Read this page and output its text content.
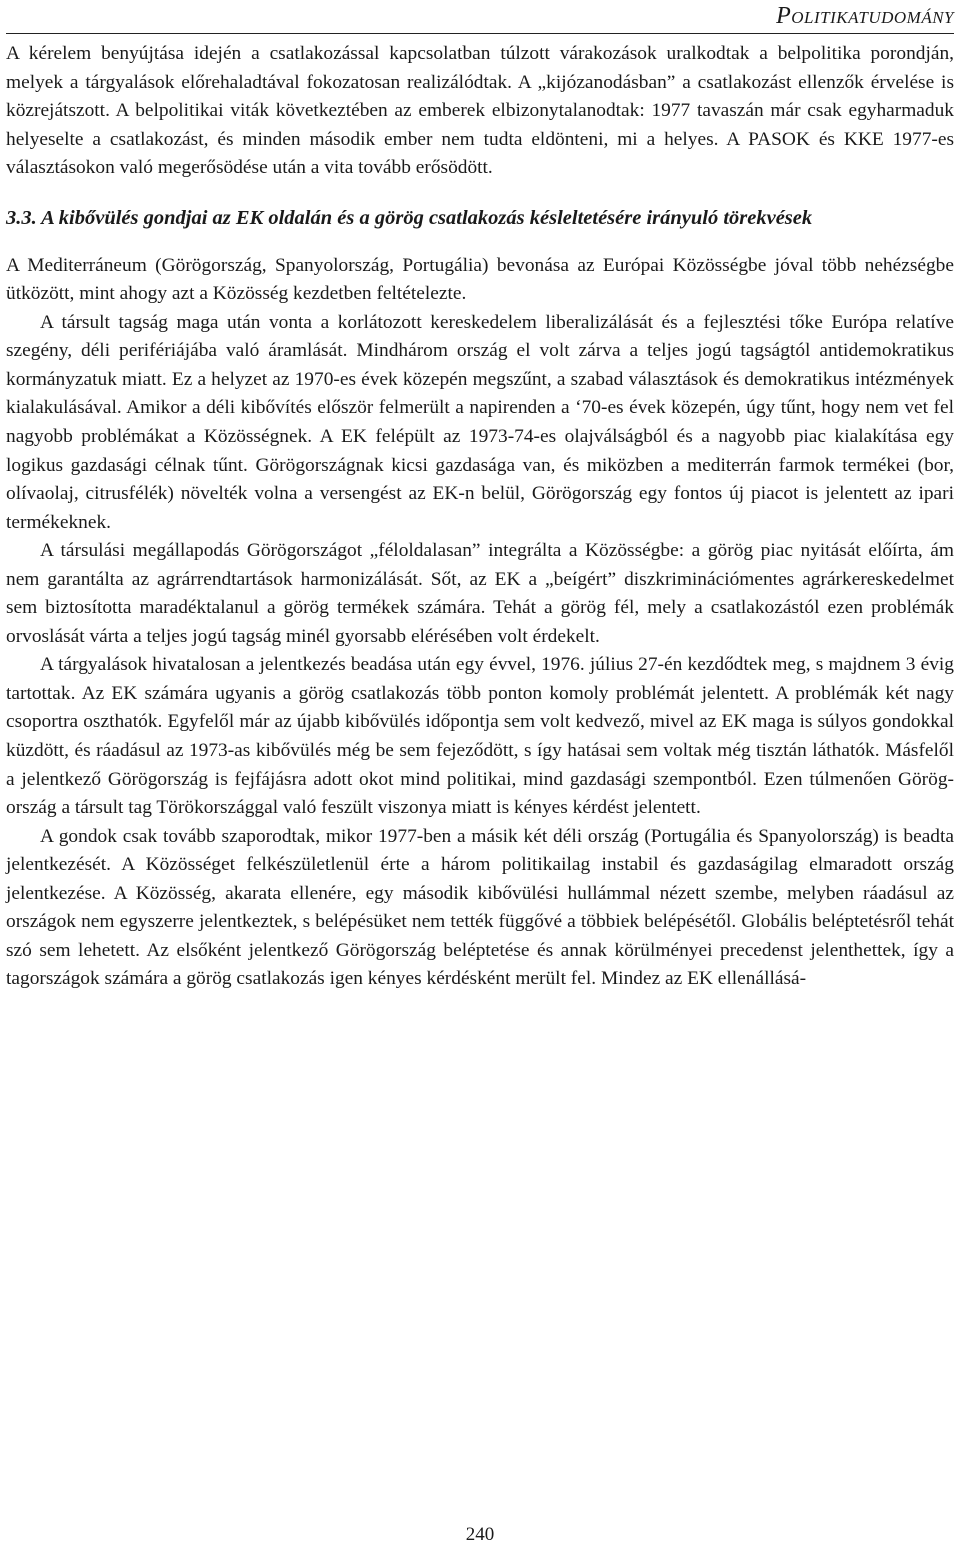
Politikatudomány

A kérelem benyújtása idején a csatlakozással kapcsolatban túlzott várakozások uralkodtak a belpolitika porondján, melyek a tárgyalások előrehaladtával fokozatosan realizálódtak. A „kijózanodásban” a csatlakozást ellenzők érvelése is közrejátszott. A belpolitikai viták következtében az emberek elbizonytalanodtak: 1977 tavaszán már csak egyharmaduk helyeselte a csatlakozást, és minden második ember nem tudta eldönteni, mi a helyes. A PASOK és KKE 1977-es választásokon való megerősödése után a vita tovább erősödött.

3.3. A kibővülés gondjai az EK oldalán és a görög csatlakozás késleltetésére irányuló törekvések

A Mediterráneum (Görögország, Spanyolország, Portugália) bevonása az Európai Közösségbe jóval több nehézségbe ütközött, mint ahogy azt a Közösség kezdetben feltételezte.

A társult tagság maga után vonta a korlátozott kereskedelem liberalizálását és a fejlesztési tőke Európa relatíve szegény, déli perifériájába való áramlását. Mindhárom ország el volt zárva a teljes jogú tagságtól antidemokratikus kormányzatuk miatt. Ez a helyzet az 1970-es évek közepén megszűnt, a szabad választások és demokratikus intézmények kialakulásával. Amikor a déli kibővítés először felmerült a napirenden a ‘70-es évek közepén, úgy tűnt, hogy nem vet fel nagyobb problémákat a Közösségnek. A EK felépült az 1973-74-es olajválságból és a nagyobb piac kialakítása egy logikus gazdasági célnak tűnt. Görögországnak kicsi gazdasága van, és miközben a mediterrán farmok termékei (bor, olívaolaj, citrusfélék) növelték volna a versengést az EK-n belül, Görögország egy fontos új piacot is jelentett az ipari termékeknek.

A társulási megállapodás Görögországot „féloldalasan” integrálta a Közösségbe: a görög piac nyitását előírta, ám nem garantálta az agrárrendtartások harmonizálását. Sőt, az EK a „beígért” diszkriminációmentes agrárkereskedelmet sem biztosította maradéktalanul a görög termékek számára. Tehát a görög fél, mely a csatlakozástól ezen problémák orvoslását várta a teljes jogú tagság minél gyorsabb elérésében volt érdekelt.

A tárgyalások hivatalosan a jelentkezés beadása után egy évvel, 1976. július 27-én kezdődtek meg, s majdnem 3 évig tartottak. Az EK számára ugyanis a görög csatlakozás több ponton komoly problémát jelentett. A problémák két nagy csoportra oszthatók. Egyfelől már az újabb kibővülés időpontja sem volt kedvező, mivel az EK maga is súlyos gondokkal küzdött, és ráadásul az 1973-as kibővülés még be sem fejeződött, s így hatásai sem voltak még tisztán láthatók. Másfelől a jelentkező Görögország is fejfájásra adott okot mind politikai, mind gazdasági szempontból. Ezen túlmenően Görögország a társult tag Törökországgal való feszült viszonya miatt is kényes kérdést jelentett.

A gondok csak tovább szaporodtak, mikor 1977-ben a másik két déli ország (Portugália és Spanyolország) is beadta jelentkezését. A Közösséget felkészületlenül érte a három politikailag instabil és gazdaságilag elmaradott ország jelentkezése. A Közösség, akarata ellenére, egy második kibővülési hullámmal nézett szembe, melyben ráadásul az országok nem egyszerre jelentkeztek, s belépésüket nem tették függővé a többiek belépésétől. Globális beléptetésről tehát szó sem lehetett. Az elsőként jelentkező Görögország beléptetése és annak körülményei precedenst jelenthettek, így a tagországok számára a görög csatlakozás igen kényes kérdésként merült fel. Mindez az EK ellenállásá-

240
